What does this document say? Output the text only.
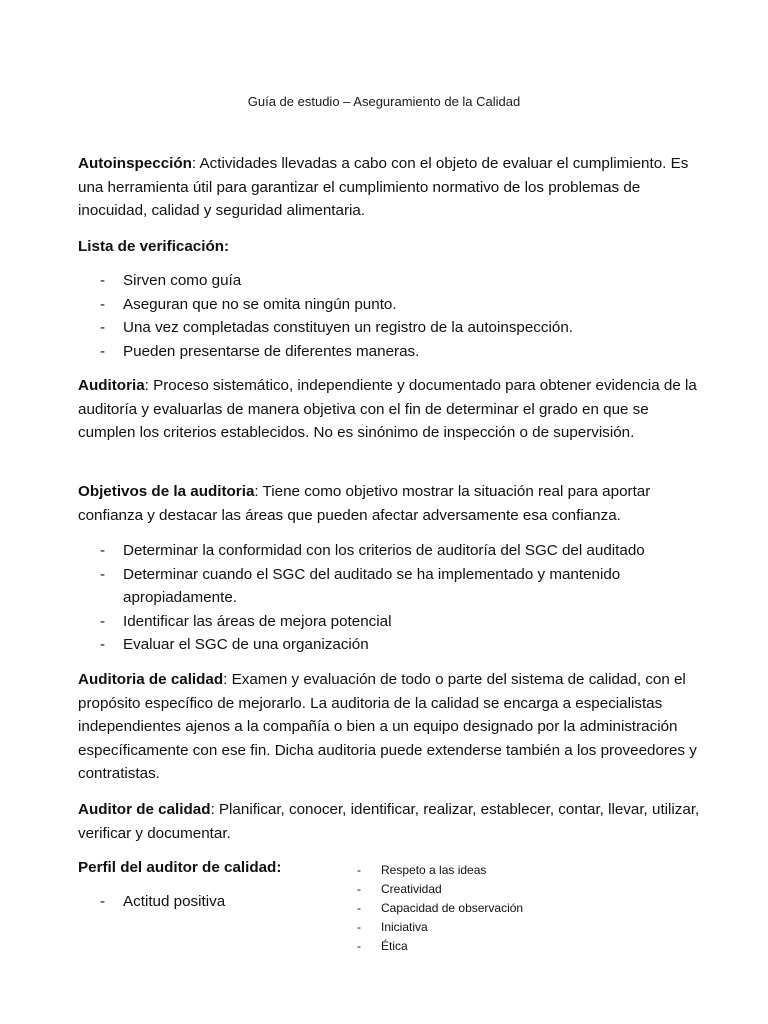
Guía de estudio – Aseguramiento de la Calidad

Autoinspección: Actividades llevadas a cabo con el objeto de evaluar el cumplimiento. Es una herramienta útil para garantizar el cumplimiento normativo de los problemas de inocuidad, calidad y seguridad alimentaria.

Lista de verificación:

- Sirven como guía
- Aseguran que no se omita ningún punto.
- Una vez completadas constituyen un registro de la autoinspección.
- Pueden presentarse de diferentes maneras.

Auditoria: Proceso sistemático, independiente y documentado para obtener evidencia de la auditoría y evaluarlas de manera objetiva con el fin de determinar el grado en que se cumplen los criterios establecidos. No es sinónimo de inspección o de supervisión.

Objetivos de la auditoria: Tiene como objetivo mostrar la situación real para aportar confianza y destacar las áreas que pueden afectar adversamente esa confianza.

- Determinar la conformidad con los criterios de auditoría del SGC del auditado
- Determinar cuando el SGC del auditado se ha implementado y mantenido apropiadamente.
- Identificar las áreas de mejora potencial
- Evaluar el SGC de una organización

Auditoria de calidad: Examen y evaluación de todo o parte del sistema de calidad, con el propósito específico de mejorarlo. La auditoria de la calidad se encarga a especialistas independientes ajenos a la compañía o bien a un equipo designado por la administración específicamente con ese fin. Dicha auditoria puede extenderse también a los proveedores y contratistas.

Auditor de calidad: Planificar, conocer, identificar, realizar, establecer, contar, llevar, utilizar, verificar y documentar.

Perfil del auditor de calidad:

- Actitud positiva
- Respeto a las ideas
- Creatividad
- Capacidad de observación
- Iniciativa
- Ética
